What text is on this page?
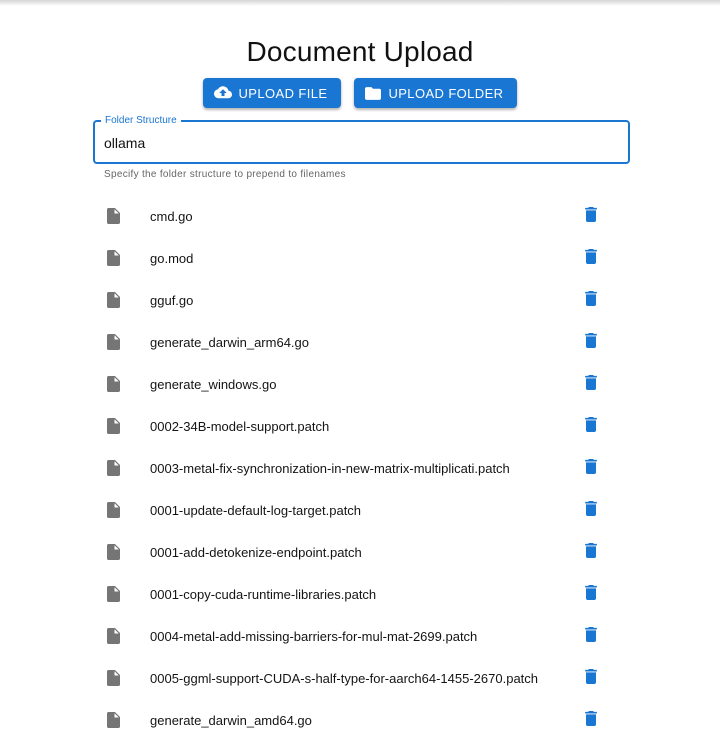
Document Upload
UPLOAD FILE	UPLOAD FOLDER
Folder Structure
ollama
Specify the folder structure to prepend to filenames
cmd.go
go.mod
gguf.go
generate_darwin_arm64.go
generate_windows.go
0002-34B-model-support.patch
0003-metal-fix-synchronization-in-new-matrix-multiplicati.patch
0001-update-default-log-target.patch
0001-add-detokenize-endpoint.patch
0001-copy-cuda-runtime-libraries.patch
0004-metal-add-missing-barriers-for-mul-mat-2699.patch
0005-ggml-support-CUDA-s-half-type-for-aarch64-1455-2670.patch
generate_darwin_amd64.go
